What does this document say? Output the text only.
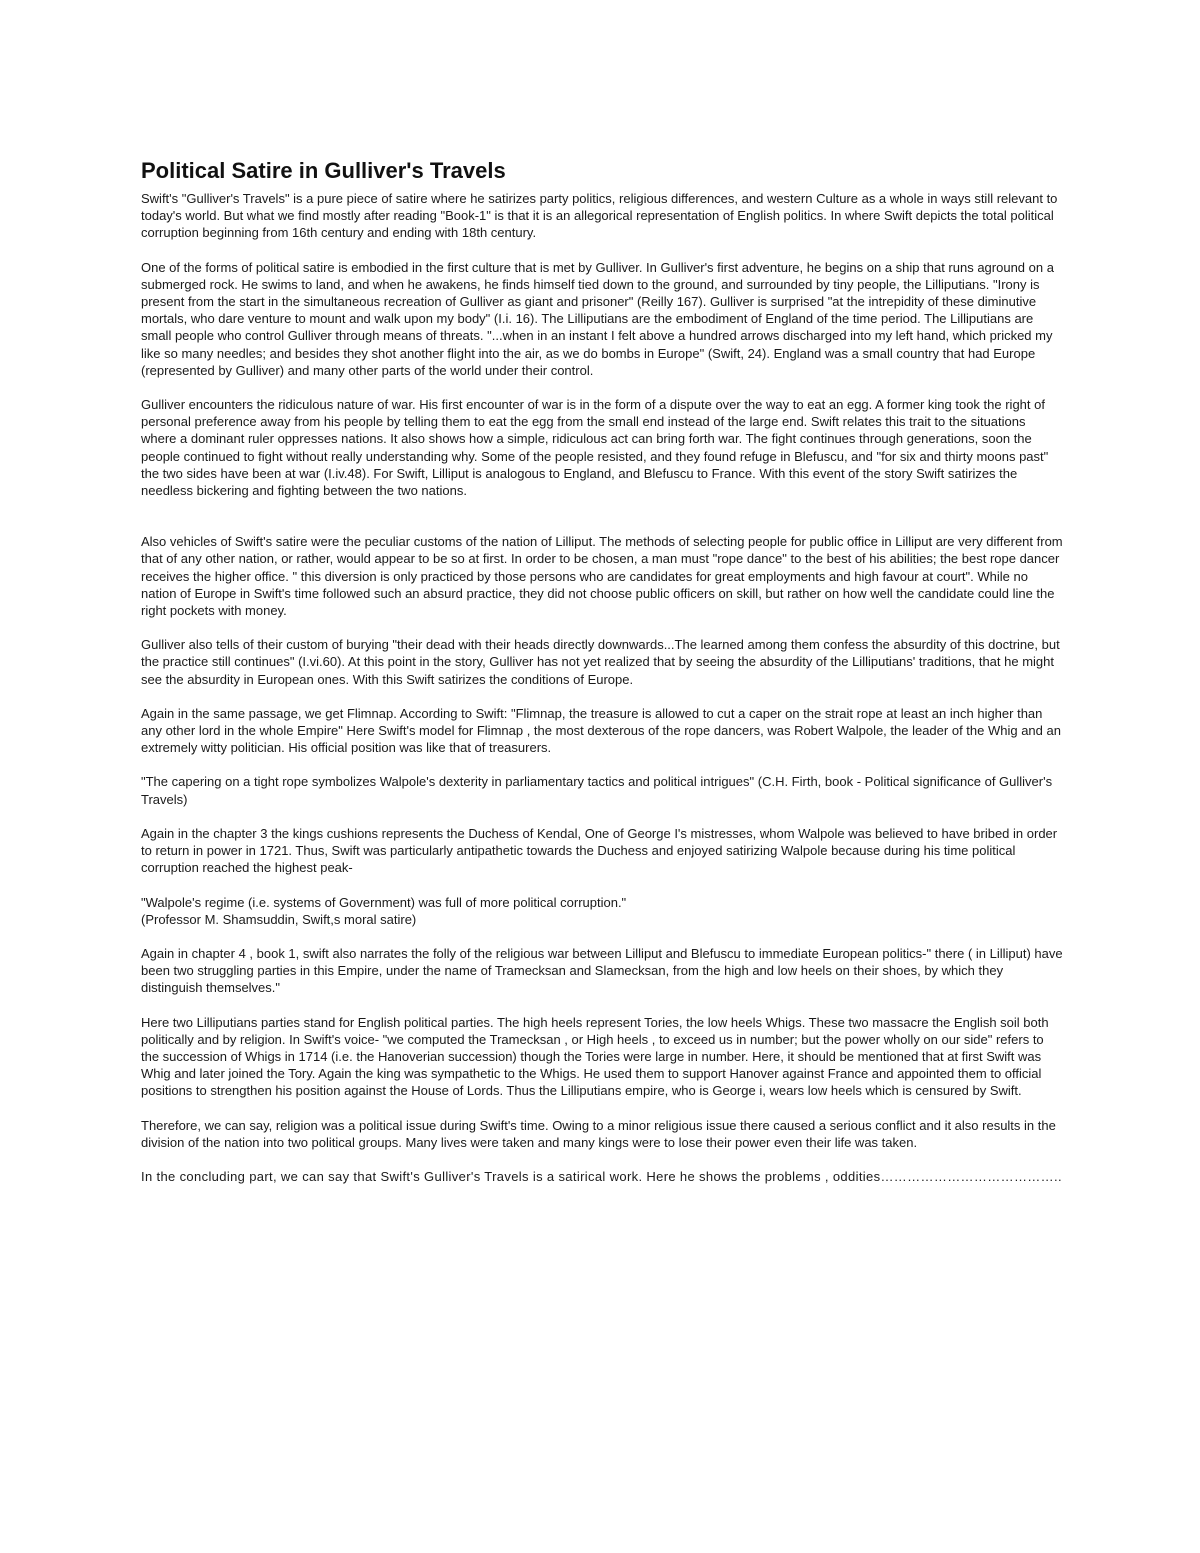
Political Satire in Gulliver's Travels

Swift's "Gulliver's Travels" is a pure piece of satire where he satirizes party politics, religious differences, and western Culture as a whole in ways still relevant to today's world. But what we find mostly after reading "Book-1" is that it is an allegorical representation of English politics. In where Swift depicts the total political corruption beginning from 16th century and ending with 18th century.

One of the forms of political satire is embodied in the first culture that is met by Gulliver. In Gulliver's first adventure, he begins on a ship that runs aground on a submerged rock. He swims to land, and when he awakens, he finds himself tied down to the ground, and surrounded by tiny people, the Lilliputians. "Irony is present from the start in the simultaneous recreation of Gulliver as giant and prisoner" (Reilly 167). Gulliver is surprised "at the intrepidity of these diminutive mortals, who dare venture to mount and walk upon my body" (I.i. 16). The Lilliputians are the embodiment of England of the time period. The Lilliputians are small people who control Gulliver through means of threats. "...when in an instant I felt above a hundred arrows discharged into my left hand, which pricked my like so many needles; and besides they shot another flight into the air, as we do bombs in Europe" (Swift, 24). England was a small country that had Europe (represented by Gulliver) and many other parts of the world under their control.

Gulliver encounters the ridiculous nature of war. His first encounter of war is in the form of a dispute over the way to eat an egg. A former king took the right of personal preference away from his people by telling them to eat the egg from the small end instead of the large end. Swift relates this trait to the situations where a dominant ruler oppresses nations. It also shows how a simple, ridiculous act can bring forth war. The fight continues through generations, soon the people continued to fight without really understanding why. Some of the people resisted, and they found refuge in Blefuscu, and "for six and thirty moons past" the two sides have been at war (I.iv.48). For Swift, Lilliput is analogous to England, and Blefuscu to France. With this event of the story Swift satirizes the needless bickering and fighting between the two nations.

Also vehicles of Swift's satire were the peculiar customs of the nation of Lilliput. The methods of selecting people for public office in Lilliput are very different from that of any other nation, or rather, would appear to be so at first. In order to be chosen, a man must "rope dance" to the best of his abilities; the best rope dancer receives the higher office. " this diversion is only practiced by those persons who are candidates for great employments and high favour at court". While no nation of Europe in Swift's time followed such an absurd practice, they did not choose public officers on skill, but rather on how well the candidate could line the right pockets with money.

Gulliver also tells of their custom of burying "their dead with their heads directly downwards...The learned among them confess the absurdity of this doctrine, but the practice still continues" (I.vi.60). At this point in the story, Gulliver has not yet realized that by seeing the absurdity of the Lilliputians' traditions, that he might see the absurdity in European ones. With this Swift satirizes the conditions of Europe.

Again in the same passage, we get Flimnap. According to Swift: "Flimnap, the treasure is allowed to cut a caper on the strait rope at least an inch higher than any other lord in the whole Empire" Here Swift's model for Flimnap , the most dexterous of the rope dancers, was Robert Walpole, the leader of the Whig and an extremely witty politician. His official position was like that of treasurers.

"The capering on a tight rope symbolizes Walpole's dexterity in parliamentary tactics and political intrigues" (C.H. Firth, book - Political significance of Gulliver's Travels)

Again in the chapter 3 the kings cushions represents the Duchess of Kendal, One of George I's mistresses, whom Walpole was believed to have bribed in order to return in power in 1721. Thus, Swift was particularly antipathetic towards the Duchess and enjoyed satirizing Walpole because during his time political corruption reached the highest peak-

"Walpole's regime (i.e. systems of Government) was full of more political corruption."

(Professor M. Shamsuddin, Swift,s moral satire)

Again in chapter 4 , book 1, swift also narrates the folly of the religious war between Lilliput and Blefuscu to immediate European politics-" there ( in Lilliput) have been two struggling parties in this Empire, under the name of Tramecksan and Slamecksan, from the high and low heels on their shoes, by which they distinguish themselves."

Here two Lilliputians parties stand for English political parties. The high heels represent Tories, the low heels Whigs. These two massacre the English soil both politically and by religion. In Swift's voice- "we computed the Tramecksan , or High heels , to exceed us in number; but the power wholly on our side" refers to the succession of Whigs in 1714 (i.e. the Hanoverian succession) though the Tories were large in number. Here, it should be mentioned that at first Swift was Whig and later joined the Tory. Again the king was sympathetic to the Whigs. He used them to support Hanover against France and appointed them to official positions to strengthen his position against the House of Lords. Thus the Lilliputians empire, who is George i, wears low heels which is censured by Swift.

Therefore, we can say, religion was a political issue during Swift's time. Owing to a minor religious issue there caused a serious conflict and it also results in the division of the nation into two political groups. Many lives were taken and many kings were to lose their power even their life was taken.

In the concluding part, we can say that Swift's Gulliver's Travels is a satirical work. Here he shows the problems , oddities…………………………………..
